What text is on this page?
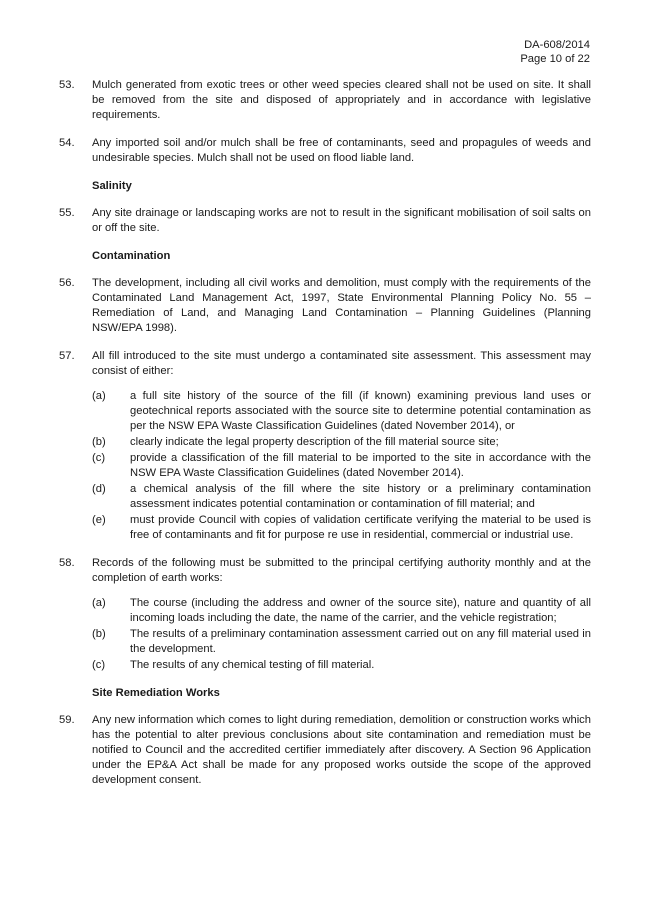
DA-608/2014
Page 10 of 22
53.	Mulch generated from exotic trees or other weed species cleared shall not be used on site. It shall be removed from the site and disposed of appropriately and in accordance with legislative requirements.
54.	Any imported soil and/or mulch shall be free of contaminants, seed and propagules of weeds and undesirable species. Mulch shall not be used on flood liable land.
Salinity
55.	Any site drainage or landscaping works are not to result in the significant mobilisation of soil salts on or off the site.
Contamination
56.	The development, including all civil works and demolition, must comply with the requirements of the Contaminated Land Management Act, 1997, State Environmental Planning Policy No. 55 – Remediation of Land, and Managing Land Contamination – Planning Guidelines (Planning NSW/EPA 1998).
57.	All fill introduced to the site must undergo a contaminated site assessment. This assessment may consist of either:
(a)	a full site history of the source of the fill (if known) examining previous land uses or geotechnical reports associated with the source site to determine potential contamination as per the NSW EPA Waste Classification Guidelines (dated November 2014), or
(b)	clearly indicate the legal property description of the fill material source site;
(c)	provide a classification of the fill material to be imported to the site in accordance with the NSW EPA Waste Classification Guidelines (dated November 2014).
(d)	a chemical analysis of the fill where the site history or a preliminary contamination assessment indicates potential contamination or contamination of fill material; and
(e)	must provide Council with copies of validation certificate verifying the material to be used is free of contaminants and fit for purpose re use in residential, commercial or industrial use.
58.	Records of the following must be submitted to the principal certifying authority monthly and at the completion of earth works:
(a)	The course (including the address and owner of the source site), nature and quantity of all incoming loads including the date, the name of the carrier, and the vehicle registration;
(b)	The results of a preliminary contamination assessment carried out on any fill material used in the development.
(c)	The results of any chemical testing of fill material.
Site Remediation Works
59.	Any new information which comes to light during remediation, demolition or construction works which has the potential to alter previous conclusions about site contamination and remediation must be notified to Council and the accredited certifier immediately after discovery. A Section 96 Application under the EP&A Act shall be made for any proposed works outside the scope of the approved development consent.
